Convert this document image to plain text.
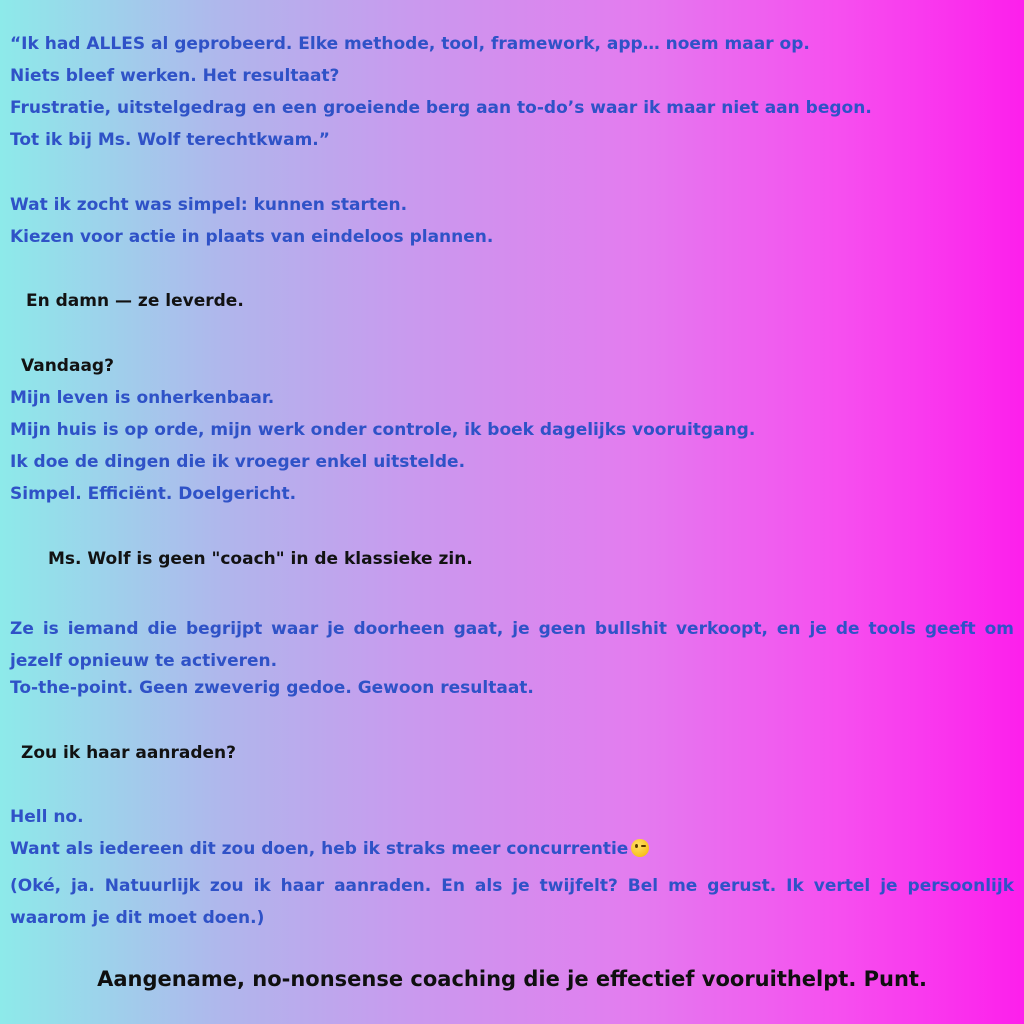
“Ik had ALLES al geprobeerd. Elke methode, tool, framework, app… noem maar op.
Niets bleef werken. Het resultaat?
Frustratie, uitstelgedrag en een groeiende berg aan to-do’s waar ik maar niet aan begon.
Tot ik bij Ms. Wolf terechtkwam.”
Wat ik zocht was simpel: kunnen starten.
Kiezen voor actie in plaats van eindeloos plannen.
En damn — ze leverde.
Vandaag?
Mijn leven is onherkenbaar.
Mijn huis is op orde, mijn werk onder controle, ik boek dagelijks vooruitgang.
Ik doe de dingen die ik vroeger enkel uitstelde.
Simpel. Efficiënt. Doelgericht.
Ms. Wolf is geen "coach" in de klassieke zin.
Ze is iemand die begrijpt waar je doorheen gaat, je geen bullshit verkoopt, en je de tools geeft om jezelf opnieuw te activeren.
To-the-point. Geen zweverig gedoe. Gewoon resultaat.
Zou ik haar aanraden?
Hell no.
Want als iedereen dit zou doen, heb ik straks meer concurrentie
(Oké, ja. Natuurlijk zou ik haar aanraden. En als je twijfelt? Bel me gerust. Ik vertel je persoonlijk waarom je dit moet doen.)
Aangename, no-nonsense coaching die je effectief vooruithelpt. Punt.
